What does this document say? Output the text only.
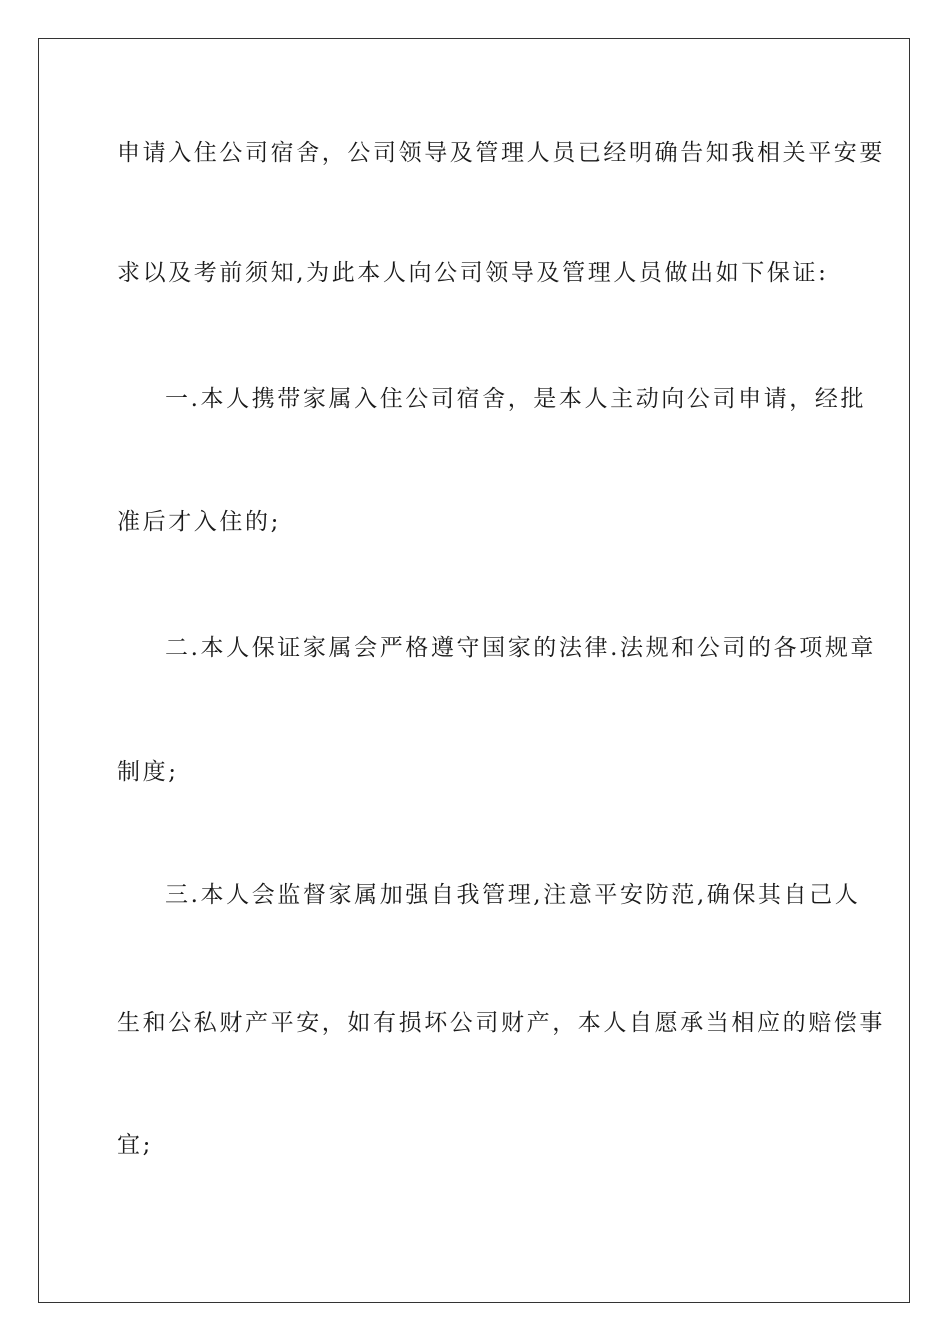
申请入住公司宿舍，公司领导及管理人员已经明确告知我相关平安要
求以及考前须知,为此本人向公司领导及管理人员做出如下保证:
一.本人携带家属入住公司宿舍，是本人主动向公司申请，经批
准后才入住的;
二.本人保证家属会严格遵守国家的法律.法规和公司的各项规章
制度;
三.本人会监督家属加强自我管理,注意平安防范,确保其自己人
生和公私财产平安，如有损坏公司财产，本人自愿承当相应的赔偿事
宜;
